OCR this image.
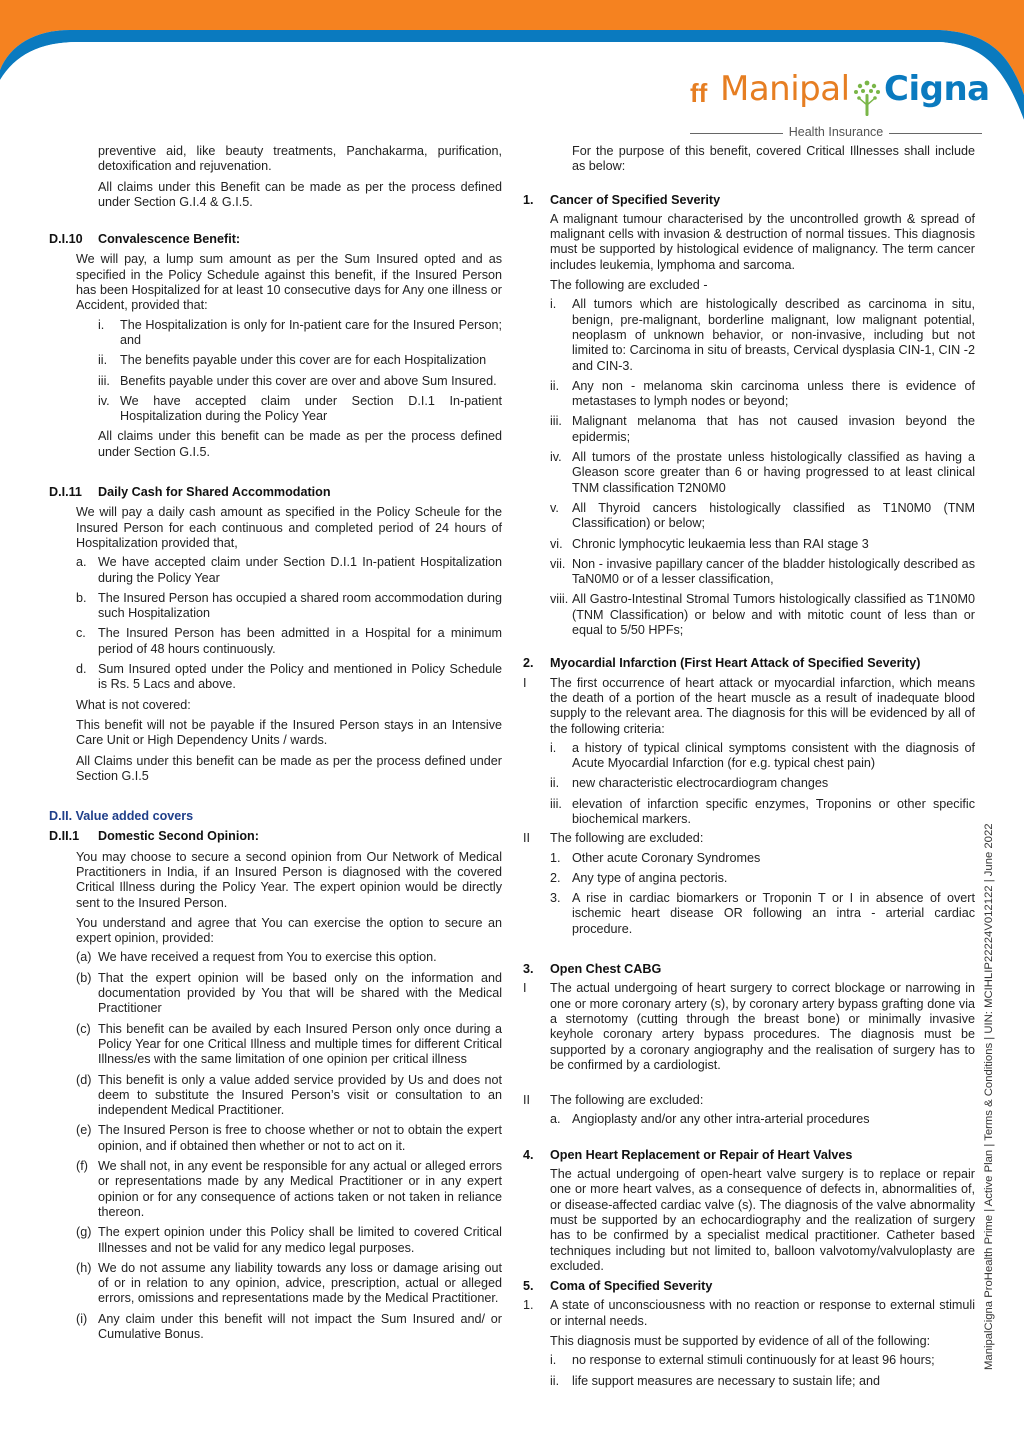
ff Manipal Cigna
Health Insurance

preventive aid, like beauty treatments, Panchakarma, purification, detoxification and rejuvenation.

All claims under this Benefit can be made as per the process defined under Section G.I.4 & G.I.5.

D.I.10	Convalescence Benefit:

We will pay, a lump sum amount as per the Sum Insured opted and as specified in the Policy Schedule against this benefit, if the Insured Person has been Hospitalized for at least 10 consecutive days for Any one illness or Accident, provided that:

i.	The Hospitalization is only for In-patient care for the Insured Person; and
ii.	The benefits payable under this cover are for each Hospitalization
iii. Benefits payable under this cover are over and above Sum Insured.
iv. We have accepted claim under Section D.I.1 In-patient Hospitalization during the Policy Year

All claims under this benefit can be made as per the process defined under Section G.I.5.

D.I.11	Daily Cash for Shared Accommodation

We will pay a daily cash amount as specified in the Policy Scheule for the Insured Person for each continuous and completed period of 24 hours of Hospitalization provided that,

a. We have accepted claim under Section D.I.1 In-patient Hospitalization during the Policy Year
b. The Insured Person has occupied a shared room accommodation during such Hospitalization
c. The Insured Person has been admitted in a Hospital for a minimum period of 48 hours continuously.
d. Sum Insured opted under the Policy and mentioned in Policy Schedule is Rs. 5 Lacs and above.

What is not covered:

This benefit will not be payable if the Insured Person stays in an Intensive Care Unit or High Dependency Units / wards.

All Claims under this benefit can be made as per the process defined under Section G.I.5

D.II. Value added covers

D.II.1	Domestic Second Opinion:

You may choose to secure a second opinion from Our Network of Medical Practitioners in India, if an Insured Person is diagnosed with the covered Critical Illness during the Policy Year. The expert opinion would be directly sent to the Insured Person.

You understand and agree that You can exercise the option to secure an expert opinion, provided:

(a) We have received a request from You to exercise this option.
(b) That the expert opinion will be based only on the information and documentation provided by You that will be shared with the Medical Practitioner
(c) This benefit can be availed by each Insured Person only once during a Policy Year for one Critical Illness and multiple times for different Critical Illness/es with the same limitation of one opinion per critical illness
(d) This benefit is only a value added service provided by Us and does not deem to substitute the Insured Person’s visit or consultation to an independent Medical Practitioner.
(e) The Insured Person is free to choose whether or not to obtain the expert opinion, and if obtained then whether or not to act on it.
(f) We shall not, in any event be responsible for any actual or alleged errors or representations made by any Medical Practitioner or in any expert opinion or for any consequence of actions taken or not taken in reliance thereon.
(g) The expert opinion under this Policy shall be limited to covered Critical Illnesses and not be valid for any medico legal purposes.
(h) We do not assume any liability towards any loss or damage arising out of or in relation to any opinion, advice, prescription, actual or alleged errors, omissions and representations made by the Medical Practitioner.
(i) Any claim under this benefit will not impact the Sum Insured and/ or Cumulative Bonus.

For the purpose of this benefit, covered Critical Illnesses shall include as below:

1.	Cancer of Specified Severity

A malignant tumour characterised by the uncontrolled growth & spread of malignant cells with invasion & destruction of normal tissues. This diagnosis must be supported by histological evidence of malignancy. The term cancer includes leukemia, lymphoma and sarcoma.

The following are excluded -

i.	All tumors which are histologically described as carcinoma in situ, benign, pre-malignant, borderline malignant, low malignant potential, neoplasm of unknown behavior, or non-invasive, including but not limited to: Carcinoma in situ of breasts, Cervical dysplasia CIN-1, CIN -2 and CIN-3.
ii.	Any non - melanoma skin carcinoma unless there is evidence of metastases to lymph nodes or beyond;
iii. Malignant melanoma that has not caused invasion beyond the epidermis;
iv. All tumors of the prostate unless histologically classified as having a Gleason score greater than 6 or having progressed to at least clinical TNM classification T2N0M0
v.	All Thyroid cancers histologically classified as T1N0M0 (TNM Classification) or below;
vi. Chronic lymphocytic leukaemia less than RAI stage 3
vii. Non - invasive papillary cancer of the bladder histologically described as TaN0M0 or of a lesser classification,
viii. All Gastro-Intestinal Stromal Tumors histologically classified as T1N0M0 (TNM Classification) or below and with mitotic count of less than or equal to 5/50 HPFs;
2.	Myocardial Infarction (First Heart Attack of Specified Severity)
I	The first occurrence of heart attack or myocardial infarction, which means the death of a portion of the heart muscle as a result of inadequate blood supply to the relevant area. The diagnosis for this will be evidenced by all of the following criteria:
i.	a history of typical clinical symptoms consistent with the diagnosis of Acute Myocardial Infarction (for e.g. typical chest pain)
ii.	new characteristic electrocardiogram changes
iii. elevation of infarction specific enzymes, Troponins or other specific biochemical markers.
II	The following are excluded:
1. Other acute Coronary Syndromes
2. Any type of angina pectoris.
3. A rise in cardiac biomarkers or Troponin T or I in absence of overt ischemic heart disease OR following an intra - arterial cardiac procedure.
3.	Open Chest CABG
I	The actual undergoing of heart surgery to correct blockage or narrowing in one or more coronary artery (s), by coronary artery bypass grafting done via a sternotomy (cutting through the breast bone) or minimally invasive keyhole coronary artery bypass procedures. The diagnosis must be supported by a coronary angiography and the realisation of surgery has to be confirmed by a cardiologist.
II	The following are excluded:
a. Angioplasty and/or any other intra-arterial procedures
4.	Open Heart Replacement or Repair of Heart Valves

The actual undergoing of open-heart valve surgery is to replace or repair one or more heart valves, as a consequence of defects in, abnormalities of, or disease-affected cardiac valve (s). The diagnosis of the valve abnormality must be supported by an echocardiography and the realization of surgery has to be confirmed by a specialist medical practitioner. Catheter based techniques including but not limited to, balloon valvotomy/valvuloplasty are excluded.

5.	Coma of Specified Severity
1.	A state of unconsciousness with no reaction or response to external stimuli or internal needs.

This diagnosis must be supported by evidence of all of the following:

i.	no response to external stimuli continuously for at least 96 hours;
ii.	life support measures are necessary to sustain life; and
ManipalCigna ProHealth Prime | Active Plan | Terms & Conditions | UIN: MCIHLIP22224V012122 | June 2022
